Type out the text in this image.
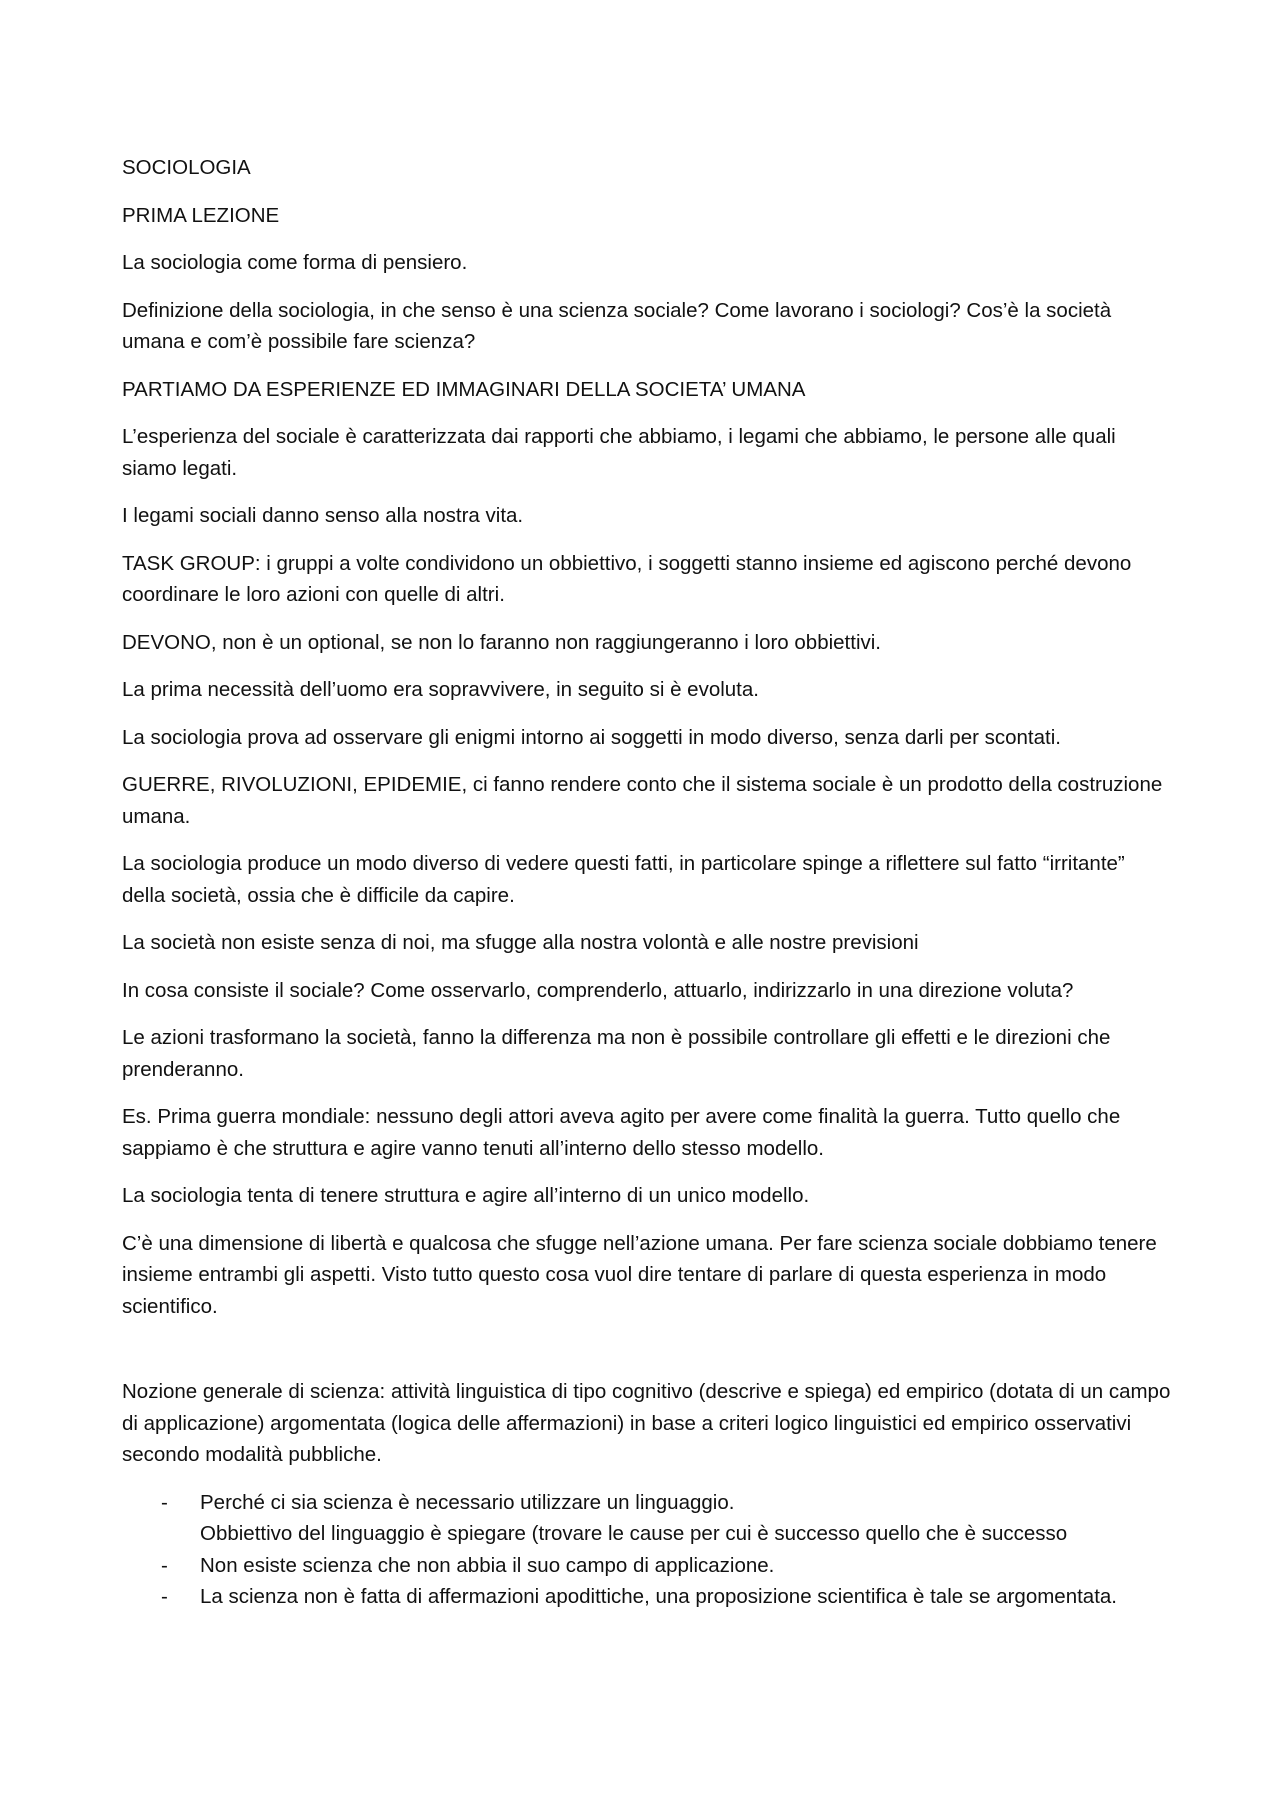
SOCIOLOGIA

PRIMA LEZIONE

La sociologia come forma di pensiero.

Definizione della sociologia, in che senso è una scienza sociale? Come lavorano i sociologi? Cos’è la società umana e com’è possibile fare scienza?

PARTIAMO DA ESPERIENZE ED IMMAGINARI DELLA SOCIETA’ UMANA

L’esperienza del sociale è caratterizzata dai rapporti che abbiamo, i legami che abbiamo, le persone alle quali siamo legati.

I legami sociali danno senso alla nostra vita.

TASK GROUP: i gruppi a volte condividono un obbiettivo, i soggetti stanno insieme ed agiscono perché devono coordinare le loro azioni con quelle di altri.

DEVONO, non è un optional, se non lo faranno non raggiungeranno i loro obbiettivi.

La prima necessità dell’uomo era sopravvivere, in seguito si è evoluta.

La sociologia prova ad osservare gli enigmi intorno ai soggetti in modo diverso, senza darli per scontati.

GUERRE, RIVOLUZIONI, EPIDEMIE, ci fanno rendere conto che il sistema sociale è un prodotto della costruzione umana.

La sociologia produce un modo diverso di vedere questi fatti, in particolare spinge a riflettere sul fatto “irritante” della società, ossia che è difficile da capire.

La società non esiste senza di noi, ma sfugge alla nostra volontà e alle nostre previsioni

In cosa consiste il sociale? Come osservarlo, comprenderlo, attuarlo, indirizzarlo in una direzione voluta?

Le azioni trasformano la società, fanno la differenza ma non è possibile controllare gli effetti e le direzioni che prenderanno.

Es. Prima guerra mondiale: nessuno degli attori aveva agito per avere come finalità la guerra. Tutto quello che sappiamo è che struttura e agire vanno tenuti all’interno dello stesso modello.

La sociologia tenta di tenere struttura e agire all’interno di un unico modello.

C’è una dimensione di libertà e qualcosa che sfugge nell’azione umana. Per fare scienza sociale dobbiamo tenere insieme entrambi gli aspetti. Visto tutto questo cosa vuol dire tentare di parlare di questa esperienza in modo scientifico.

Nozione generale di scienza: attività linguistica di tipo cognitivo (descrive e spiega) ed empirico (dotata di un campo di applicazione) argomentata (logica delle affermazioni) in base a criteri logico linguistici ed empirico osservativi secondo modalità pubbliche.

- Perché ci sia scienza è necessario utilizzare un linguaggio.
Obbiettivo del linguaggio è spiegare (trovare le cause per cui è successo quello che è successo
- Non esiste scienza che non abbia il suo campo di applicazione.
- La scienza non è fatta di affermazioni apodittiche, una proposizione scientifica è tale se argomentata.
